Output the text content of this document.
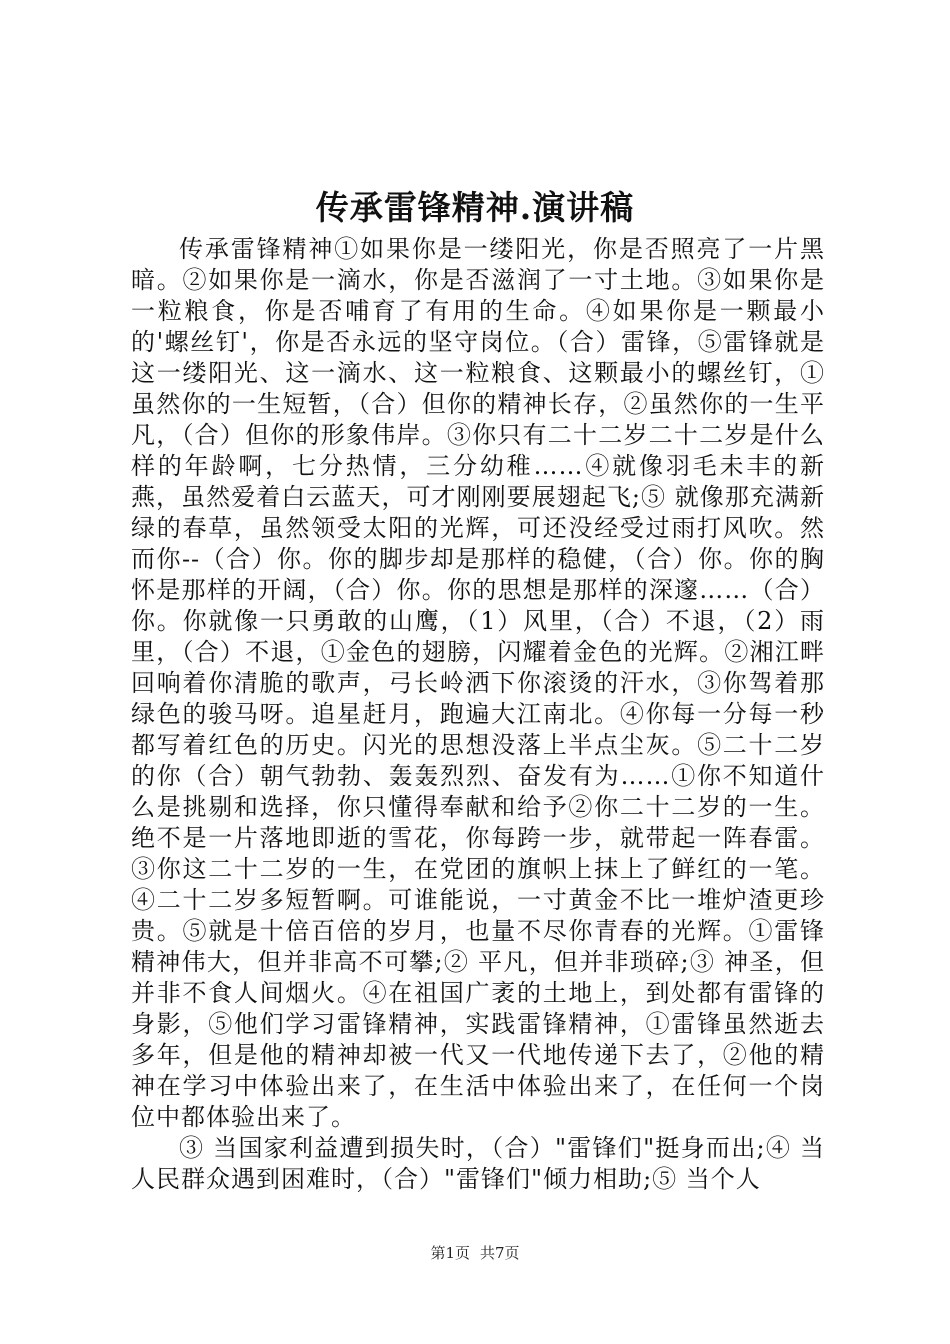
传承雷锋精神.演讲稿

传承雷锋精神①如果你是一缕阳光，你是否照亮了一片黑暗。②如果你是一滴水，你是否滋润了一寸土地。③如果你是一粒粮食，你是否哺育了有用的生命。④如果你是一颗最小的'螺丝钉'，你是否永远的坚守岗位。（合）雷锋，⑤雷锋就是这一缕阳光、这一滴水、这一粒粮食、这颗最小的螺丝钉，①虽然你的一生短暂，（合）但你的精神长存，②虽然你的一生平凡，（合）但你的形象伟岸。③你只有二十二岁二十二岁是什么样的年龄啊，七分热情，三分幼稚……④就像羽毛未丰的新燕，虽然爱着白云蓝天，可才刚刚要展翅起飞;⑤ 就像那充满新绿的春草，虽然领受太阳的光辉，可还没经受过雨打风吹。然而你--（合）你。你的脚步却是那样的稳健，（合）你。你的胸怀是那样的开阔，（合）你。你的思想是那样的深邃……（合）你。你就像一只勇敢的山鹰，（1）风里，（合）不退，（2）雨里，（合）不退，①金色的翅膀，闪耀着金色的光辉。②湘江畔回响着你清脆的歌声，弓长岭洒下你滚烫的汗水，③你驾着那绿色的骏马呀。追星赶月，跑遍大江南北。④你每一分每一秒都写着红色的历史。闪光的思想没落上半点尘灰。⑤二十二岁的你（合）朝气勃勃、轰轰烈烈、奋发有为……①你不知道什么是挑剔和选择，你只懂得奉献和给予②你二十二岁的一生。绝不是一片落地即逝的雪花，你每跨一步，就带起一阵春雷。③你这二十二岁的一生，在党团的旗帜上抹上了鲜红的一笔。④二十二岁多短暂啊。可谁能说，一寸黄金不比一堆炉渣更珍贵。⑤就是十倍百倍的岁月，也量不尽你青春的光辉。①雷锋精神伟大，但并非高不可攀;② 平凡，但并非琐碎;③ 神圣，但并非不食人间烟火。④在祖国广袤的土地上，到处都有雷锋的身影，⑤他们学习雷锋精神，实践雷锋精神，①雷锋虽然逝去多年，但是他的精神却被一代又一代地传递下去了，②他的精神在学习中体验出来了，在生活中体验出来了，在任何一个岗位中都体验出来了。

③ 当国家利益遭到损失时，（合）"雷锋们"挺身而出;④ 当人民群众遇到困难时，（合）"雷锋们"倾力相助;⑤ 当个人

第1页 共7页
